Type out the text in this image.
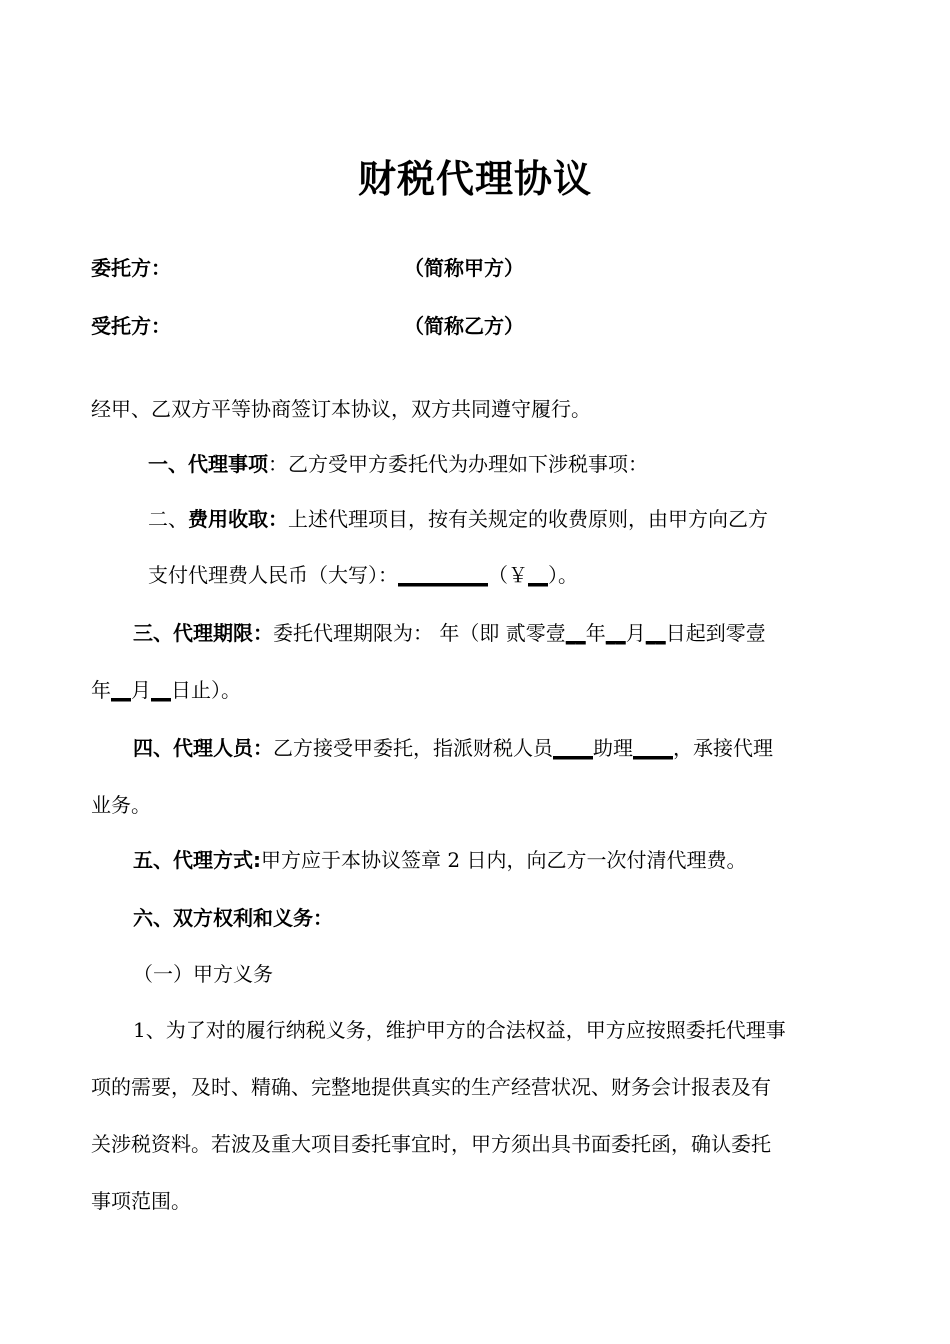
财税代理协议
委托方：	（简称甲方）
受托方：	（简称乙方）
经甲、乙双方平等协商签订本协议，双方共同遵守履行。
一、代理事项：乙方受甲方委托代为办理如下涉税事项：
二、费用收取：上述代理项目，按有关规定的收费原则，由甲方向乙方
支付代理费人民币（大写）：_________（￥__）。
三、代理期限：委托代理期限为： 年（即 贰零壹__年__月__日起到零壹
年__月__日止）。
四、代理人员：乙方接受甲委托，指派财税人员____助理____，承接代理
业务。
五、代理方式:甲方应于本协议签章 2 日内，向乙方一次付清代理费。
六、双方权利和义务：
（一）甲方义务
1、为了对的履行纳税义务，维护甲方的合法权益，甲方应按照委托代理事
项的需要，及时、精确、完整地提供真实的生产经营状况、财务会计报表及有
关涉税资料。若波及重大项目委托事宜时，甲方须出具书面委托函，确认委托
事项范围。
